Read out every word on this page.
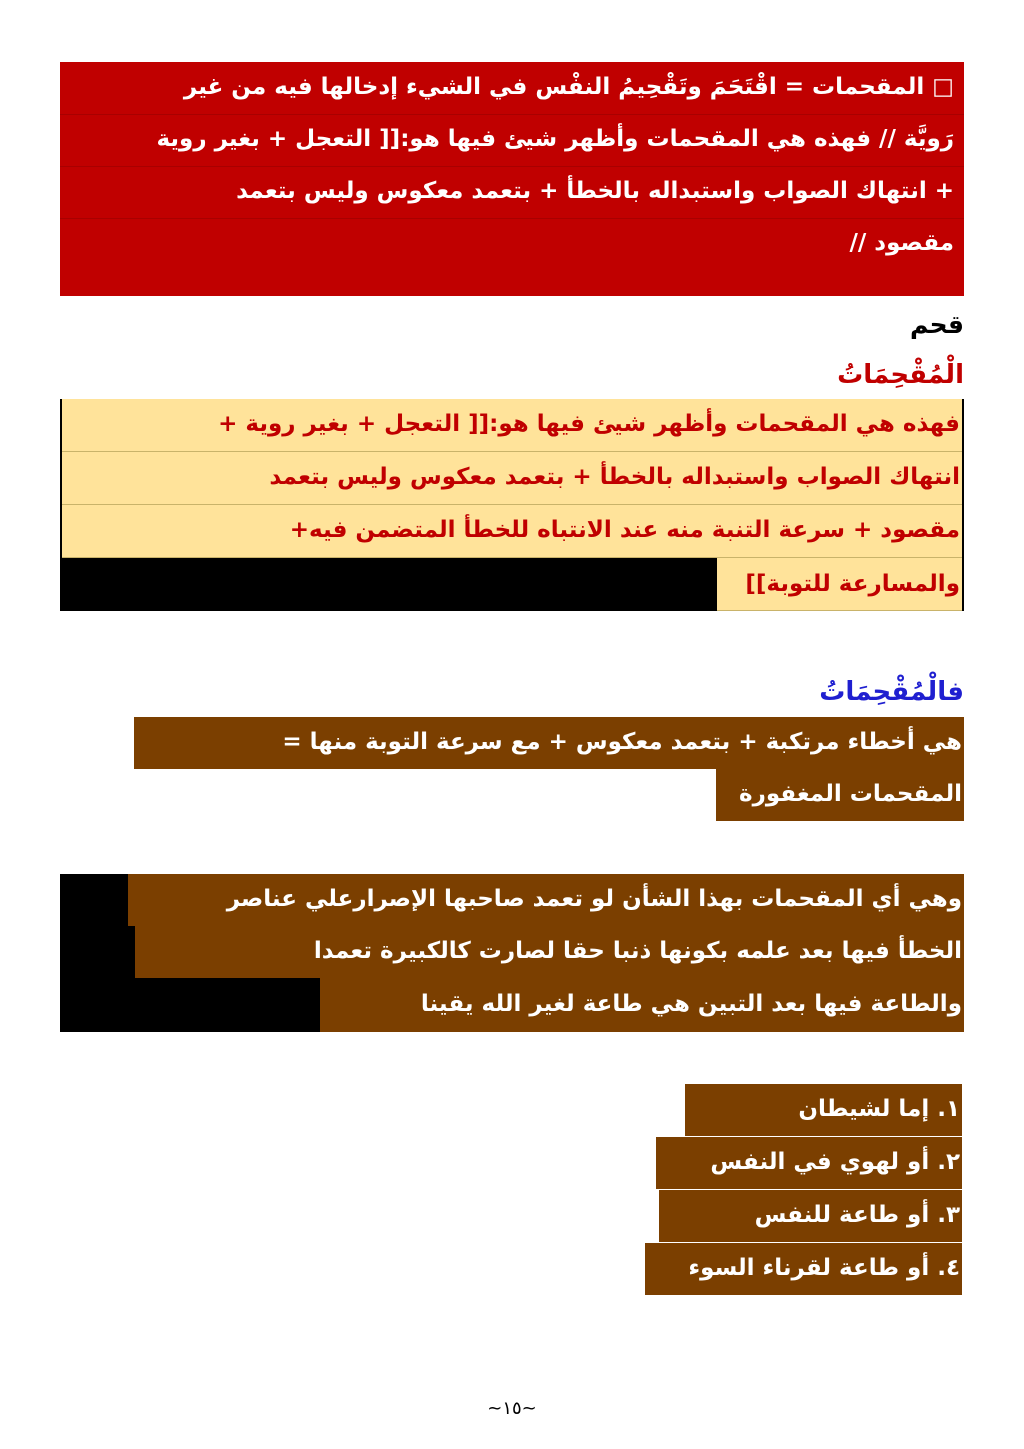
□ المقحمات = اقْتَحَمَ وتَقْحِيمُ النفْس في الشيء إدخالها فيه من غير
رَويَّة // فهذه هي المقحمات وأظهر شيئ فيها هو:[[ التعجل + بغير روية
+ انتهاك الصواب واستبداله بالخطأ + بتعمد معكوس وليس بتعمد
مقصود //
قحم
الْمُقْحِمَاتُ
فهذه هي المقحمات وأظهر شيئ فيها هو:[[ التعجل + بغير روية +
انتهاك الصواب واستبداله بالخطأ + بتعمد معكوس وليس بتعمد
مقصود + سرعة التنبة منه عند الانتباه للخطأ المتضمن فيه+
والمسارعة للتوبة]]
فالْمُقْحِمَاتُ
هي أخطاء مرتكبة + بتعمد معكوس + مع سرعة التوبة منها =
المقحمات المغفورة
وهي أي المقحمات بهذا الشأن لو تعمد صاحبها الإصرارعلي عناصر
الخطأ فيها بعد علمه بكونها ذنبا حقا لصارت كالكبيرة تعمدا
والطاعة فيها بعد التبين هي طاعة لغير الله يقينا
١. إما لشيطان
٢. أو لهوي في النفس
٣. أو طاعة للنفس
٤. أو طاعة لقرناء السوء
~١٥~
